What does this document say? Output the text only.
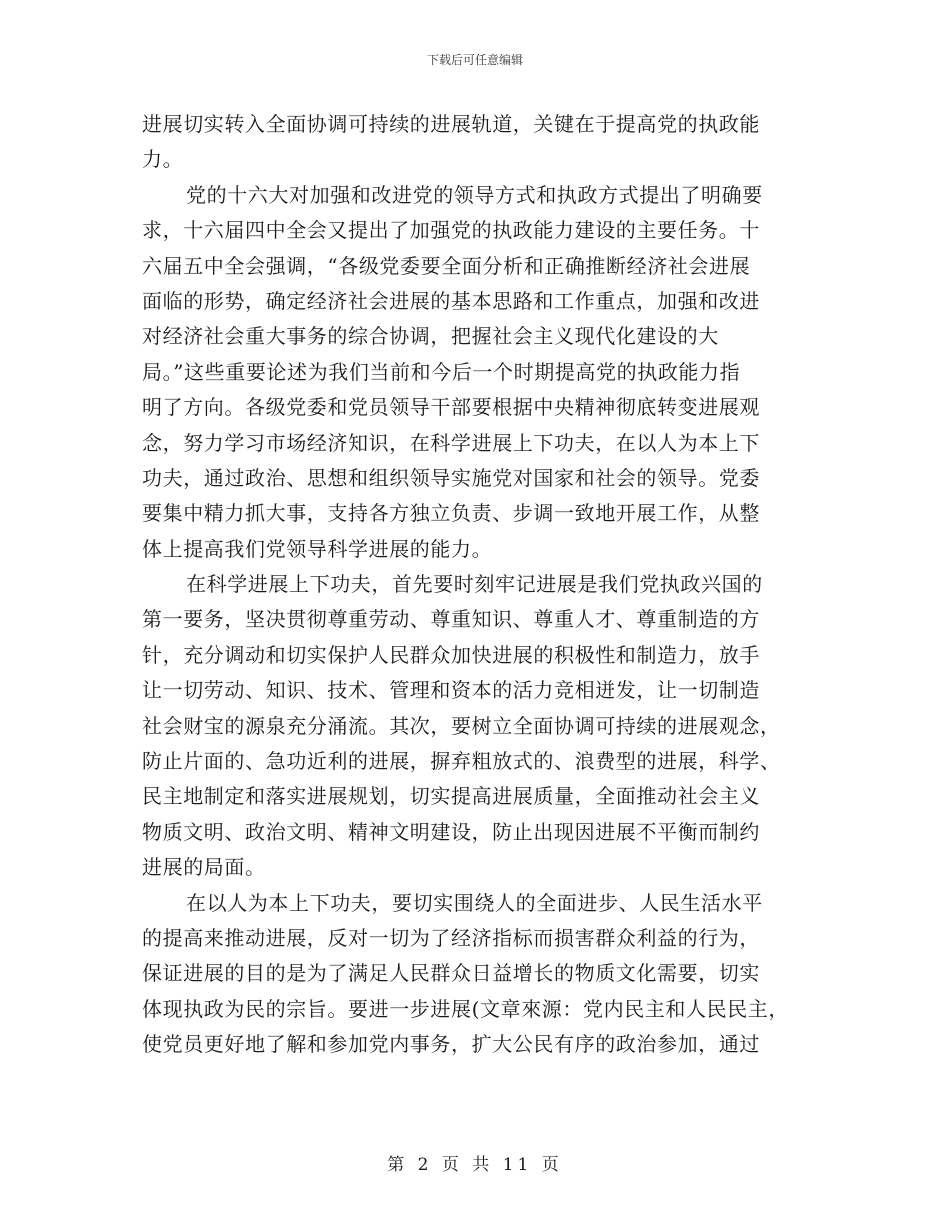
下载后可任意编辑
进展切实转入全面协调可持续的进展轨道，关键在于提高党的执政能
力。
党的十六大对加强和改进党的领导方式和执政方式提出了明确要
求，十六届四中全会又提出了加强党的执政能力建设的主要任务。十
六届五中全会强调，“各级党委要全面分析和正确推断经济社会进展
面临的形势，确定经济社会进展的基本思路和工作重点，加强和改进
对经济社会重大事务的综合协调，把握社会主义现代化建设的大
局。”这些重要论述为我们当前和今后一个时期提高党的执政能力指
明了方向。各级党委和党员领导干部要根据中央精神彻底转变进展观
念，努力学习市场经济知识，在科学进展上下功夫，在以人为本上下
功夫，通过政治、思想和组织领导实施党对国家和社会的领导。党委
要集中精力抓大事，支持各方独立负责、步调一致地开展工作，从整
体上提高我们党领导科学进展的能力。
在科学进展上下功夫，首先要时刻牢记进展是我们党执政兴国的
第一要务，坚决贯彻尊重劳动、尊重知识、尊重人才、尊重制造的方
针，充分调动和切实保护人民群众加快进展的积极性和制造力，放手
让一切劳动、知识、技术、管理和资本的活力竞相迸发，让一切制造
社会财宝的源泉充分涌流。其次，要树立全面协调可持续的进展观念，
防止片面的、急功近利的进展，摒弃粗放式的、浪费型的进展，科学、
民主地制定和落实进展规划，切实提高进展质量，全面推动社会主义
物质文明、政治文明、精神文明建设，防止出现因进展不平衡而制约
进展的局面。
在以人为本上下功夫，要切实围绕人的全面进步、人民生活水平
的提高来推动进展，反对一切为了经济指标而损害群众利益的行为，
保证进展的目的是为了满足人民群众日益增长的物质文化需要，切实
体现执政为民的宗旨。要进一步进展(文章來源：党内民主和人民民主，
使党员更好地了解和参加党内事务，扩大公民有序的政治参加，通过
第 2 页 共 11 页
